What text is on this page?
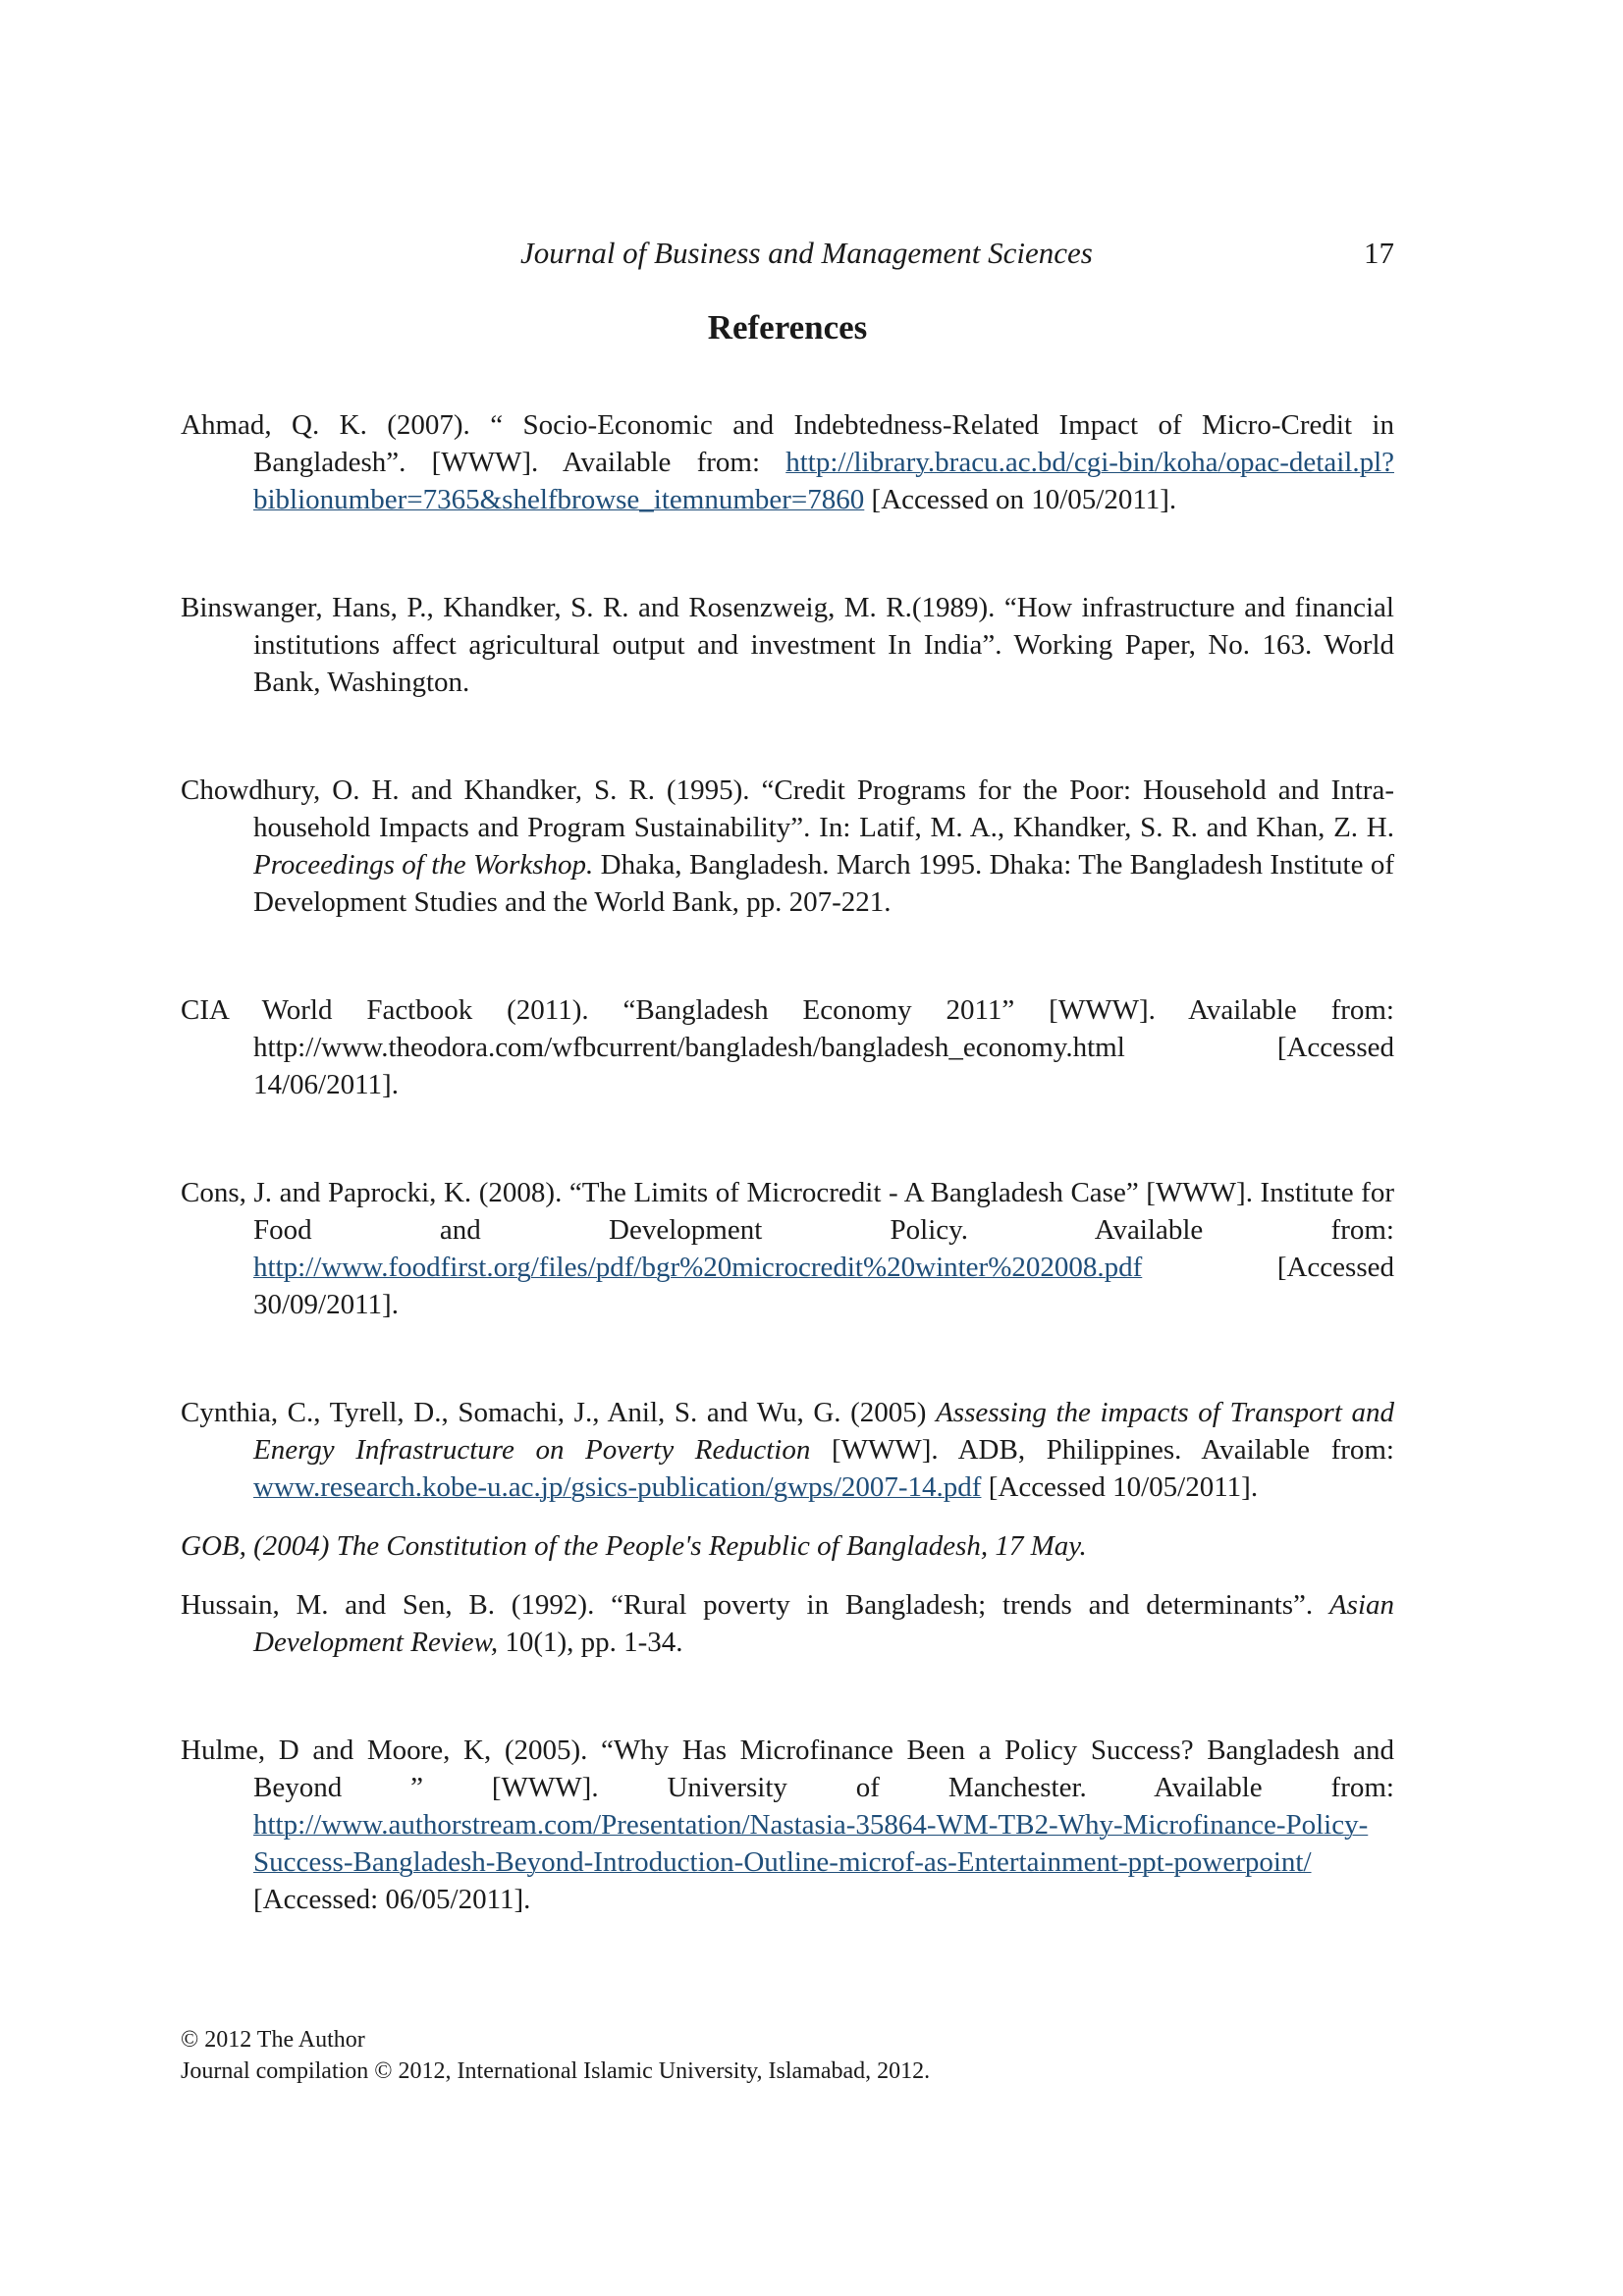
Journal of Business and Management Sciences	17
References

Ahmad, Q. K. (2007). “ Socio-Economic and Indebtedness-Related Impact of Micro-Credit in Bangladesh”. [WWW]. Available from: http://library.bracu.ac.bd/cgi-bin/koha/opac-detail.pl?biblionumber=7365&shelfbrowse_itemnumber=7860 [Accessed on 10/05/2011].

Binswanger, Hans, P., Khandker, S. R. and Rosenzweig, M. R.(1989). “How infrastructure and financial institutions affect agricultural output and investment In India”. Working Paper, No. 163. World Bank, Washington.

Chowdhury, O. H. and Khandker, S. R. (1995). “Credit Programs for the Poor: Household and Intra-household Impacts and Program Sustainability”. In: Latif, M. A., Khandker, S. R. and Khan, Z. H. Proceedings of the Workshop. Dhaka, Bangladesh. March 1995. Dhaka: The Bangladesh Institute of Development Studies and the World Bank, pp. 207-221.

CIA World Factbook (2011). “Bangladesh Economy 2011” [WWW]. Available from: http://www.theodora.com/wfbcurrent/bangladesh/bangladesh_economy.html [Accessed 14/06/2011].

Cons, J. and Paprocki, K. (2008). “The Limits of Microcredit - A Bangladesh Case” [WWW]. Institute for Food and Development Policy. Available from: http://www.foodfirst.org/files/pdf/bgr%20microcredit%20winter%202008.pdf [Accessed 30/09/2011].

Cynthia, C., Tyrell, D., Somachi, J., Anil, S. and Wu, G. (2005) Assessing the impacts of Transport and Energy Infrastructure on Poverty Reduction [WWW]. ADB, Philippines. Available from: www.research.kobe-u.ac.jp/gsics-publication/gwps/2007-14.pdf [Accessed 10/05/2011].

GOB, (2004) The Constitution of the People's Republic of Bangladesh, 17 May.

Hussain, M. and Sen, B. (1992). “Rural poverty in Bangladesh; trends and determinants”. Asian Development Review, 10(1), pp. 1-34.

Hulme, D and Moore, K, (2005). “Why Has Microfinance Been a Policy Success? Bangladesh and Beyond ” [WWW]. University of Manchester. Available from: http://www.authorstream.com/Presentation/Nastasia-35864-WM-TB2-Why-Microfinance-Policy-Success-Bangladesh-Beyond-Introduction-Outline-microf-as-Entertainment-ppt-powerpoint/ [Accessed: 06/05/2011].

© 2012 The Author
Journal compilation © 2012, International Islamic University, Islamabad, 2012.
